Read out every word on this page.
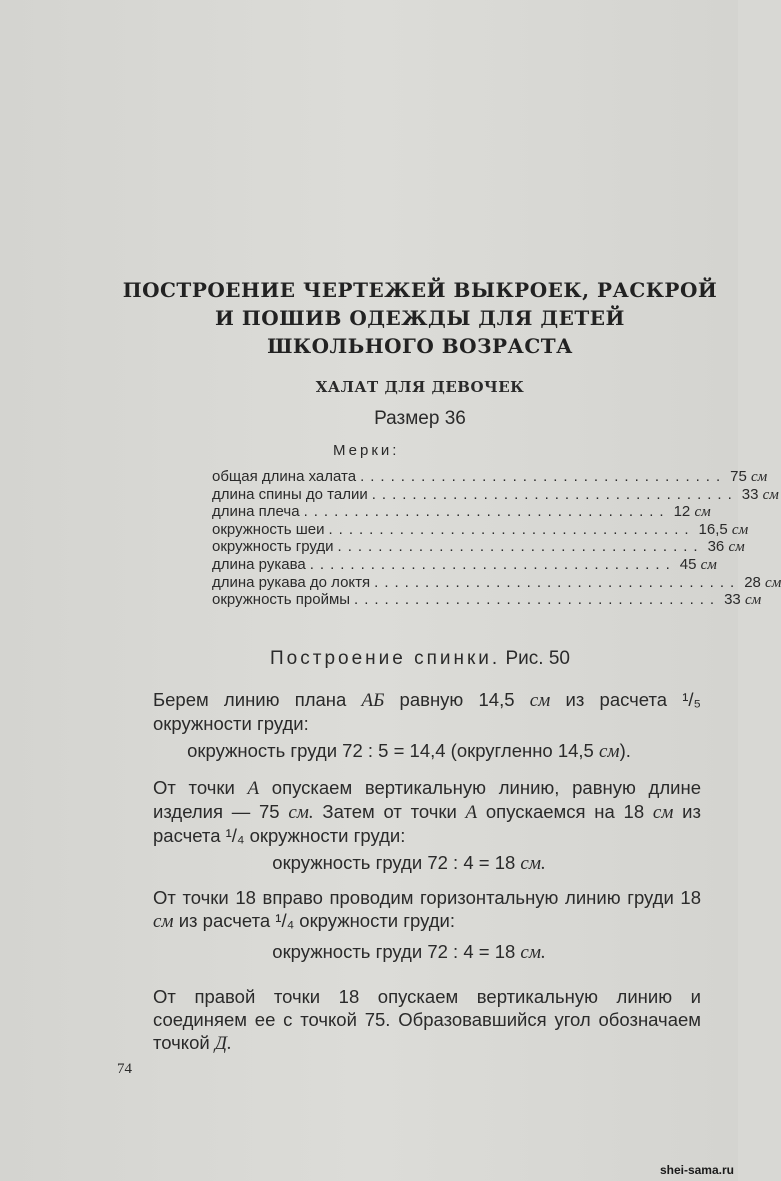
ПОСТРОЕНИЕ ЧЕРТЕЖЕЙ ВЫКРОЕК, РАСКРОЙ
И ПОШИВ ОДЕЖДЫ ДЛЯ ДЕТЕЙ
ШКОЛЬНОГО ВОЗРАСТА
ХАЛАТ ДЛЯ ДЕВОЧЕК
Размер 36
Мерки:
общая длина халата .................................... 75 см
длина спины до талии .................................... 33 см
длина плеча .................................... 12 см
окружность шеи .................................... 16,5 см
окружность груди .................................... 36 см
длина рукава .................................... 45 см
длина рукава до локтя .................................... 28 см
окружность проймы .................................... 33 см
Построение спинки. Рис. 50
Берем линию плана АБ равную 14,5 см из расчета ¹/₅ окружности груди:
окружность груди 72 : 5 = 14,4 (округленно 14,5 см).
От точки А опускаем вертикальную линию, равную длине изделия — 75 см. Затем от точки А опускаемся на 18 см из расчета ¹/₄ окружности груди:
окружность груди 72 : 4 = 18 см.
От точки 18 вправо проводим горизонтальную линию груди 18 см из расчета ¹/₄ окружности груди:
окружность груди 72 : 4 = 18 см.
От правой точки 18 опускаем вертикальную линию и соединяем ее с точкой 75. Образовавшийся угол обозначаем точкой Д.
74
shei-sama.ru
